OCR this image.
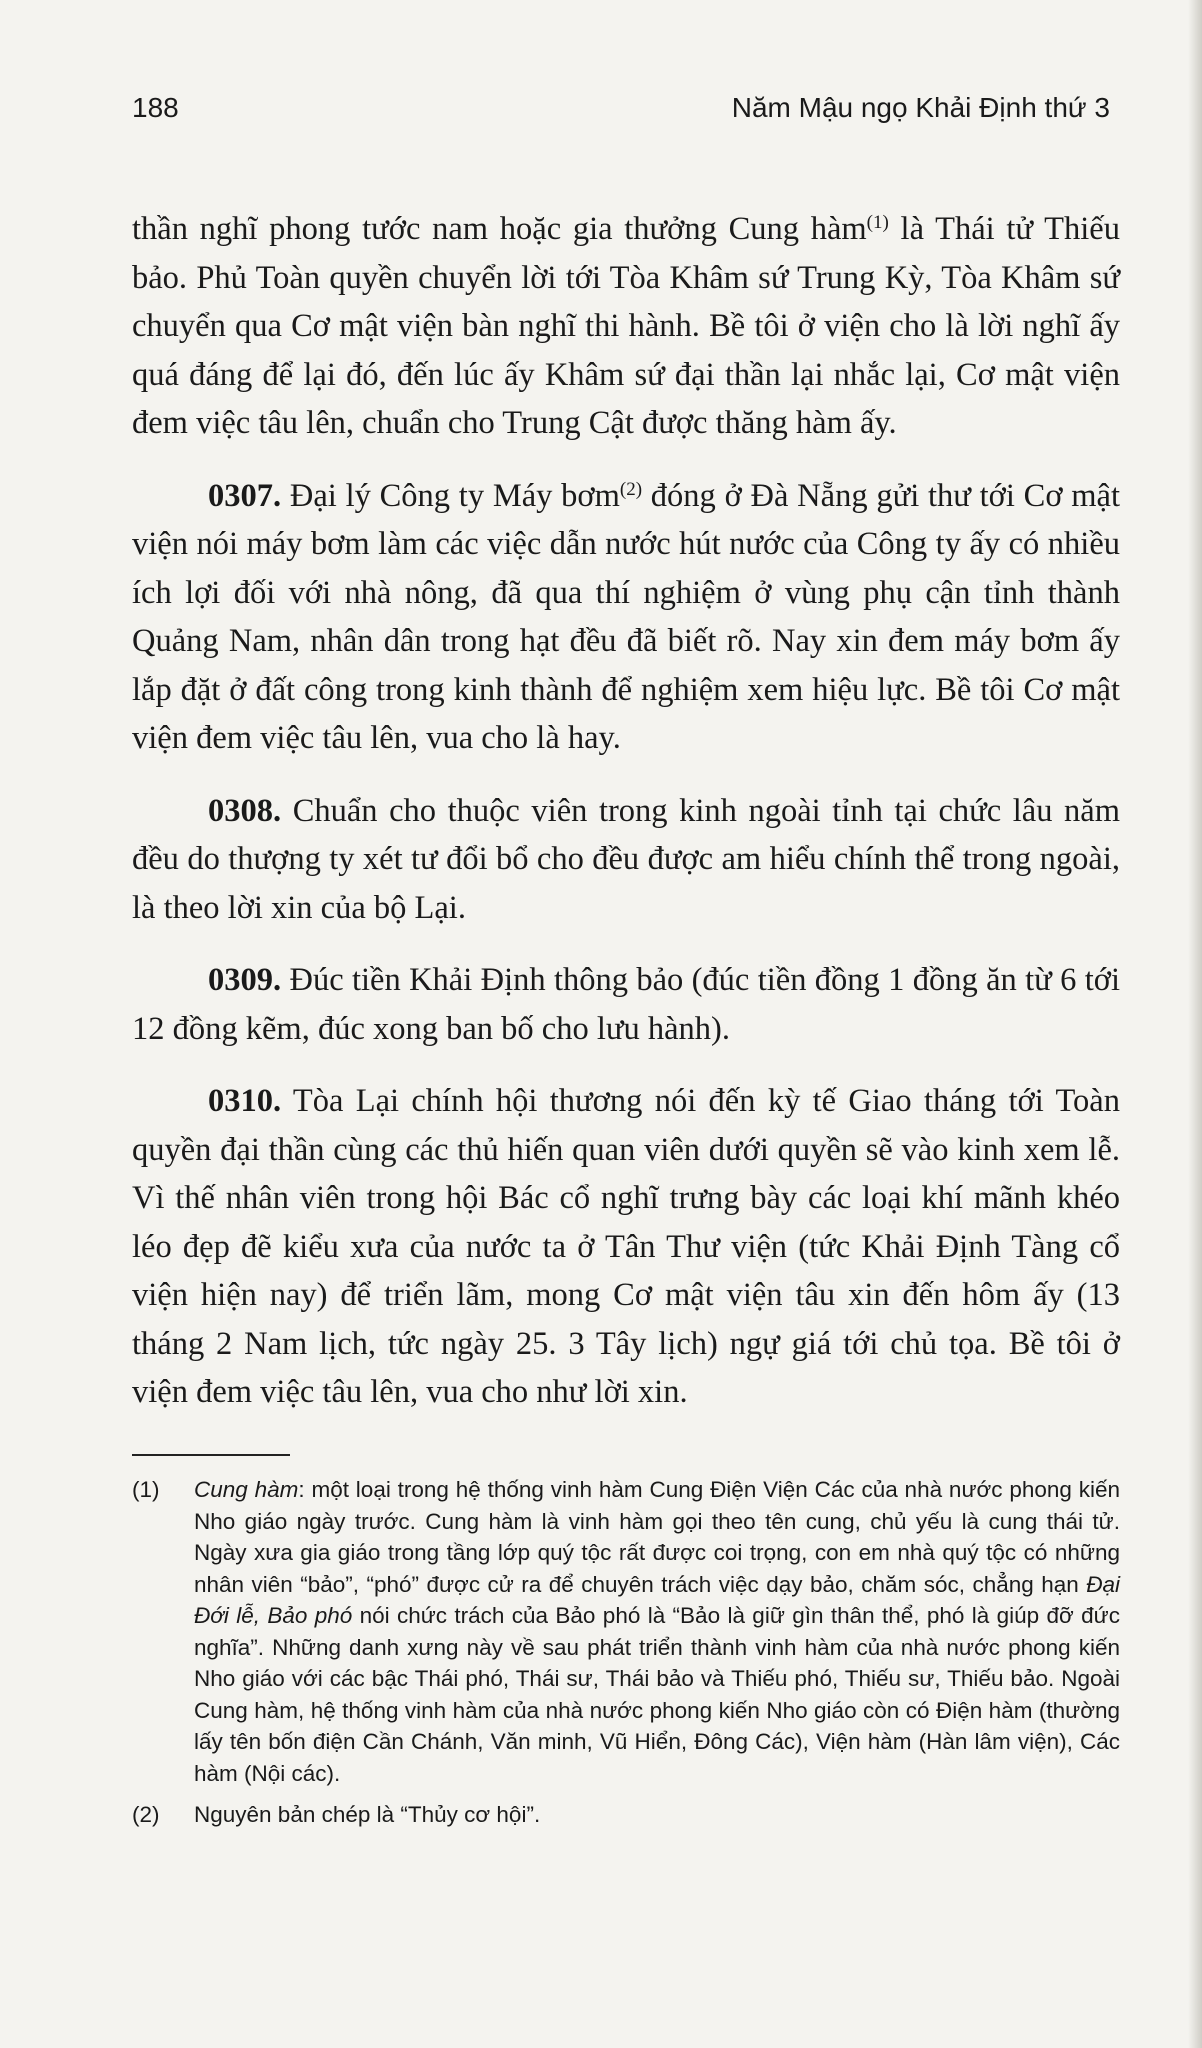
188	Năm Mậu ngọ Khải Định thứ 3

thần nghĩ phong tước nam hoặc gia thưởng Cung hàm$^{(1)}$ là Thái tử Thiếu bảo. Phủ Toàn quyền chuyển lời tới Tòa Khâm sứ Trung Kỳ, Tòa Khâm sứ chuyển qua Cơ mật viện bàn nghĩ thi hành. Bề tôi ở viện cho là lời nghĩ ấy quá đáng để lại đó, đến lúc ấy Khâm sứ đại thần lại nhắc lại, Cơ mật viện đem việc tâu lên, chuẩn cho Trung Cật được thăng hàm ấy.

0307. Đại lý Công ty Máy bơm$^{(2)}$ đóng ở Đà Nẵng gửi thư tới Cơ mật viện nói máy bơm làm các việc dẫn nước hút nước của Công ty ấy có nhiều ích lợi đối với nhà nông, đã qua thí nghiệm ở vùng phụ cận tỉnh thành Quảng Nam, nhân dân trong hạt đều đã biết rõ. Nay xin đem máy bơm ấy lắp đặt ở đất công trong kinh thành để nghiệm xem hiệu lực. Bề tôi Cơ mật viện đem việc tâu lên, vua cho là hay.

0308. Chuẩn cho thuộc viên trong kinh ngoài tỉnh tại chức lâu năm đều do thượng ty xét tư đổi bổ cho đều được am hiểu chính thể trong ngoài, là theo lời xin của bộ Lại.

0309. Đúc tiền Khải Định thông bảo (đúc tiền đồng 1 đồng ăn từ 6 tới 12 đồng kẽm, đúc xong ban bố cho lưu hành).

0310. Tòa Lại chính hội thương nói đến kỳ tế Giao tháng tới Toàn quyền đại thần cùng các thủ hiến quan viên dưới quyền sẽ vào kinh xem lễ. Vì thế nhân viên trong hội Bác cổ nghĩ trưng bày các loại khí mãnh khéo léo đẹp đẽ kiểu xưa của nước ta ở Tân Thư viện (tức Khải Định Tàng cổ viện hiện nay) để triển lãm, mong Cơ mật viện tâu xin đến hôm ấy (13 tháng 2 Nam lịch, tức ngày 25. 3 Tây lịch) ngự giá tới chủ tọa. Bề tôi ở viện đem việc tâu lên, vua cho như lời xin.

(1) Cung hàm: một loại trong hệ thống vinh hàm Cung Điện Viện Các của nhà nước phong kiến Nho giáo ngày trước. Cung hàm là vinh hàm gọi theo tên cung, chủ yếu là cung thái tử. Ngày xưa gia giáo trong tầng lớp quý tộc rất được coi trọng, con em nhà quý tộc có những nhân viên “bảo”, “phó” được cử ra để chuyên trách việc dạy bảo, chăm sóc, chẳng hạn Đại Đới lễ, Bảo phó nói chức trách của Bảo phó là “Bảo là giữ gìn thân thể, phó là giúp đỡ đức nghĩa”. Những danh xưng này về sau phát triển thành vinh hàm của nhà nước phong kiến Nho giáo với các bậc Thái phó, Thái sư, Thái bảo và Thiếu phó, Thiếu sư, Thiếu bảo. Ngoài Cung hàm, hệ thống vinh hàm của nhà nước phong kiến Nho giáo còn có Điện hàm (thường lấy tên bốn điện Cần Chánh, Văn minh, Vũ Hiển, Đông Các), Viện hàm (Hàn lâm viện), Các hàm (Nội các).
(2) Nguyên bản chép là “Thủy cơ hội”.
